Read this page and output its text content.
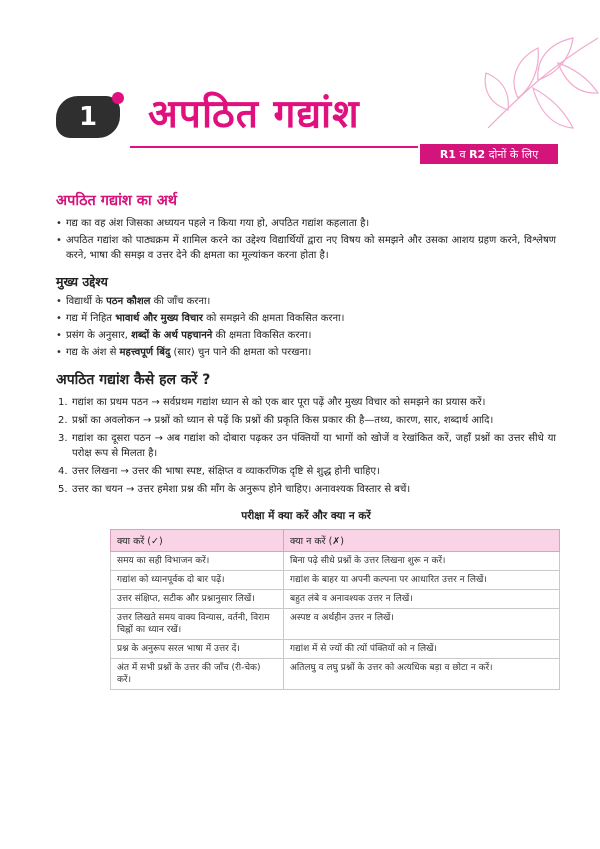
1 अपठित गद्यांश
R1
व
R2
दोनों के लिए
अपठित गद्यांश का अर्थ
• गद्य का वह अंश जिसका अध्ययन पहले न किया गया हो, अपठित गद्यांश कहलाता है।
• अपठित गद्यांश को पाठ्यक्रम में शामिल करने का उद्देश्य विद्यार्थियों द्वारा नए विषय को समझने और उसका आशय ग्रहण करने, विश्लेषण करने, भाषा की समझ व उत्तर देने की क्षमता का मूल्यांकन करना होता है।
मुख्य उद्देश्य
• विद्यार्थी के पठन कौशल की जाँच करना।
• गद्य में निहित भावार्थ और मुख्य विचार को समझने की क्षमता विकसित करना।
• प्रसंग के अनुसार, शब्दों के अर्थ पहचानने की क्षमता विकसित करना।
• गद्य के अंश से महत्त्वपूर्ण बिंदु (सार) चुन पाने की क्षमता को परखना।
अपठित गद्यांश कैसे हल करें ?
1. गद्यांश का प्रथम पठन → सर्वप्रथम गद्यांश ध्यान से को एक बार पूरा पढ़ें और मुख्य विचार को समझने का प्रयास करें।
2. प्रश्नों का अवलोकन → प्रश्नों को ध्यान से पढ़ें कि प्रश्नों की प्रकृति किस प्रकार की है—तथ्य, कारण, सार, शब्दार्थ आदि।
3. गद्यांश का दूसरा पठन → अब गद्यांश को दोबारा पढ़कर उन पंक्तियों या भागों को खोजें व रेखांकित करें, जहाँ प्रश्नों का उत्तर सीधे या परोक्ष रूप से मिलता है।
4. उत्तर लिखना → उत्तर की भाषा स्पष्ट, संक्षिप्त व व्याकरणिक दृष्टि से शुद्ध होनी चाहिए।
5. उत्तर का चयन → उत्तर हमेशा प्रश्न की माँग के अनुरूप होने चाहिए। अनावश्यक विस्तार से बचें।
परीक्षा में क्या करें और क्या न करें
क्या करें (✓)	क्या न करें (✗)
समय का सही विभाजन करें।	बिना पढ़े सीधे प्रश्नों के उत्तर लिखना शुरू न करें।
गद्यांश को ध्यानपूर्वक दो बार पढ़ें।	गद्यांश के बाहर या अपनी कल्पना पर आधारित उत्तर न लिखें।
उत्तर संक्षिप्त, सटीक और प्रश्नानुसार लिखें।	बहुत लंबे व अनावश्यक उत्तर न लिखें।
उत्तर लिखते समय वाक्य विन्यास, वर्तनी, विराम चिह्नों का ध्यान रखें।	अस्पष्ट व अर्थहीन उत्तर न लिखें।
प्रश्न के अनुरूप सरल भाषा में उत्तर दें।	गद्यांश में से ज्यों की त्यों पंक्तियों को न लिखें।
अंत में सभी प्रश्नों के उत्तर की जाँच (री-चेक) करें।	अतिलघु व लघु प्रश्नों के उत्तर को अत्यधिक बड़ा व छोटा न करें।
